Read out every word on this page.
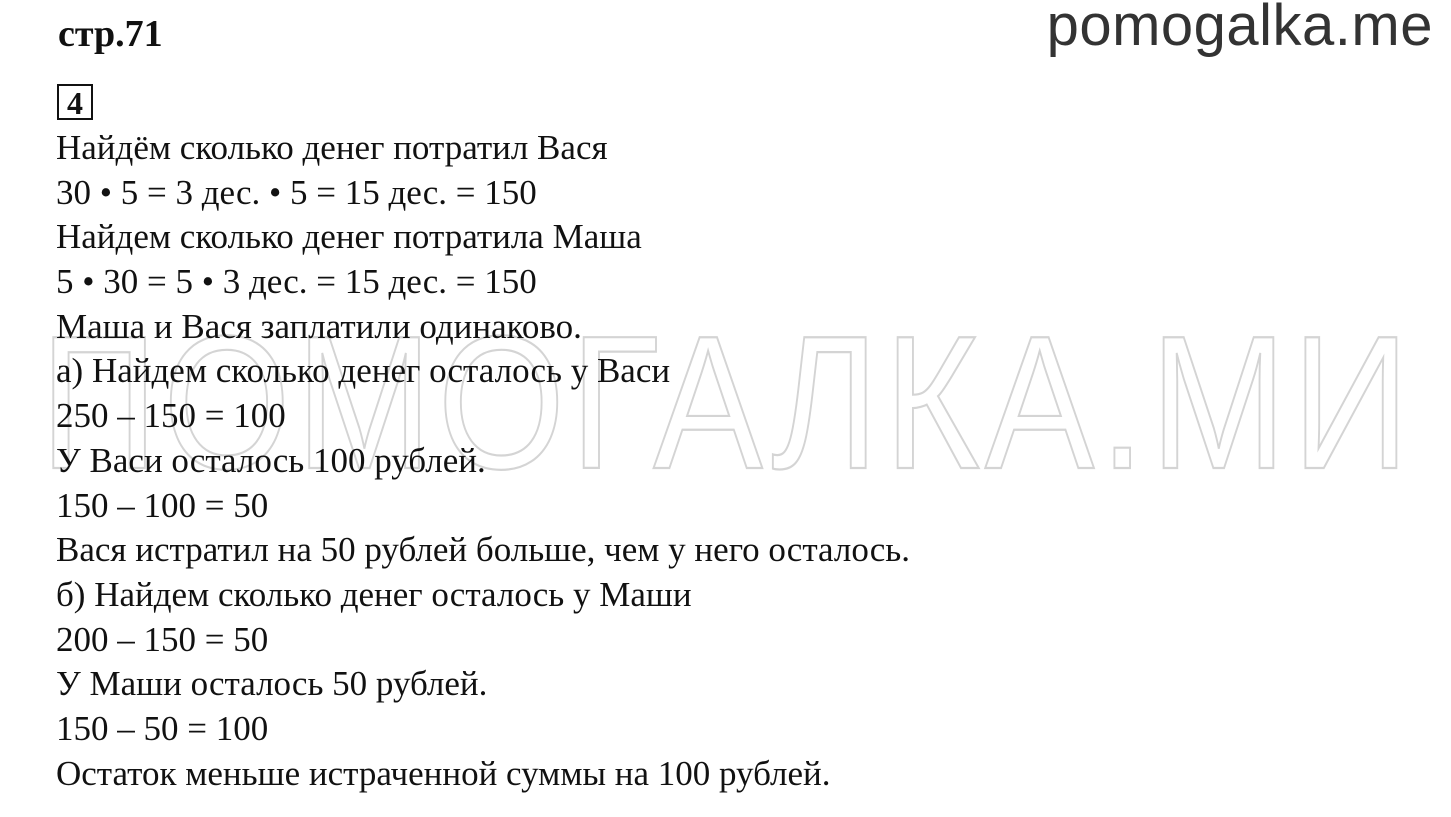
стр.71	pomogalka.me
4
ПОМОГАЛКА.МИ
Найдём сколько денег потратил Вася
30 • 5 = 3 дес. • 5 = 15 дес. = 150
Найдем сколько денег потратила Маша
5 • 30 = 5 • 3 дес. = 15 дес. = 150
Маша и Вася заплатили одинаково.
а) Найдем сколько денег осталось у Васи
250 – 150 = 100
У Васи осталось 100 рублей.
150 – 100 = 50
Вася истратил на 50 рублей больше, чем у него осталось.
б) Найдем сколько денег осталось у Маши
200 – 150 = 50
У Маши осталось 50 рублей.
150 – 50 = 100
Остаток меньше истраченной суммы на 100 рублей.
